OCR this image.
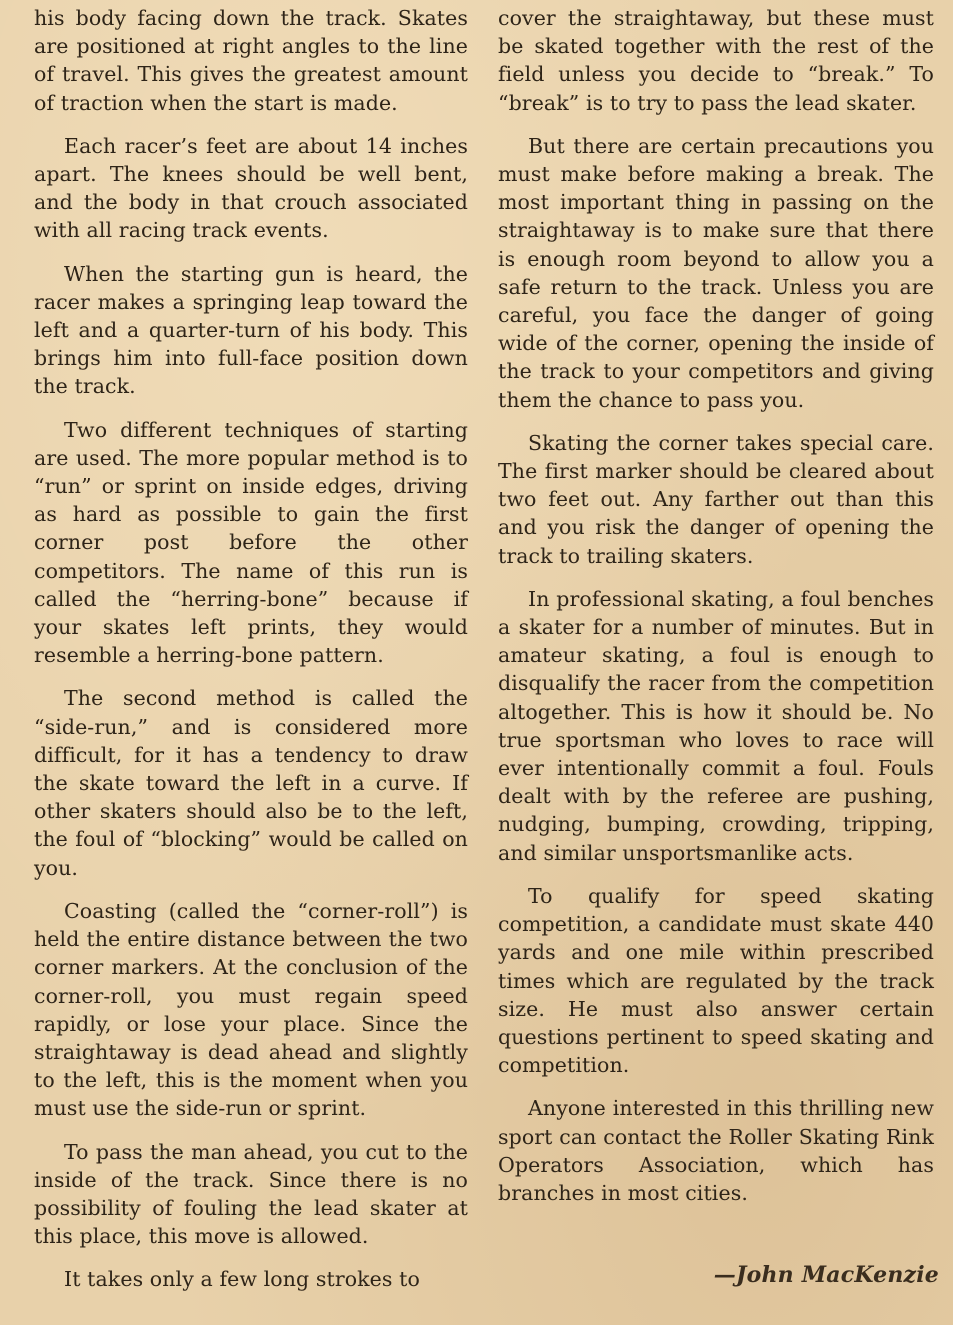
his body facing down the track. Skates are positioned at right angles to the line of travel. This gives the greatest amount of traction when the start is made.

Each racer’s feet are about 14 inches apart. The knees should be well bent, and the body in that crouch associated with all racing track events.

When the starting gun is heard, the racer makes a springing leap toward the left and a quarter-turn of his body. This brings him into full-face position down the track.

Two different techniques of starting are used. The more popular method is to “run” or sprint on inside edges, driving as hard as possible to gain the first corner post before the other competitors. The name of this run is called the “herring-bone” because if your skates left prints, they would resemble a herring-bone pattern.

The second method is called the “side-run,” and is considered more difficult, for it has a tendency to draw the skate toward the left in a curve. If other skaters should also be to the left, the foul of “blocking” would be called on you.

Coasting (called the “corner-roll”) is held the entire distance between the two corner markers. At the conclusion of the corner-roll, you must regain speed rapidly, or lose your place. Since the straightaway is dead ahead and slightly to the left, this is the moment when you must use the side-run or sprint.

To pass the man ahead, you cut to the inside of the track. Since there is no possibility of fouling the lead skater at this place, this move is allowed.

It takes only a few long strokes to

cover the straightaway, but these must be skated together with the rest of the field unless you decide to “break.” To “break” is to try to pass the lead skater.

But there are certain precautions you must make before making a break. The most important thing in passing on the straightaway is to make sure that there is enough room beyond to allow you a safe return to the track. Unless you are careful, you face the danger of going wide of the corner, opening the inside of the track to your competitors and giving them the chance to pass you.

Skating the corner takes special care. The first marker should be cleared about two feet out. Any farther out than this and you risk the danger of opening the track to trailing skaters.

In professional skating, a foul benches a skater for a number of minutes. But in amateur skating, a foul is enough to disqualify the racer from the competition altogether. This is how it should be. No true sportsman who loves to race will ever intentionally commit a foul. Fouls dealt with by the referee are pushing, nudging, bumping, crowding, tripping, and similar unsportsmanlike acts.

To qualify for speed skating competition, a candidate must skate 440 yards and one mile within prescribed times which are regulated by the track size. He must also answer certain questions pertinent to speed skating and competition.

Anyone interested in this thrilling new sport can contact the Roller Skating Rink Operators Association, which has branches in most cities.

—John MacKenzie
